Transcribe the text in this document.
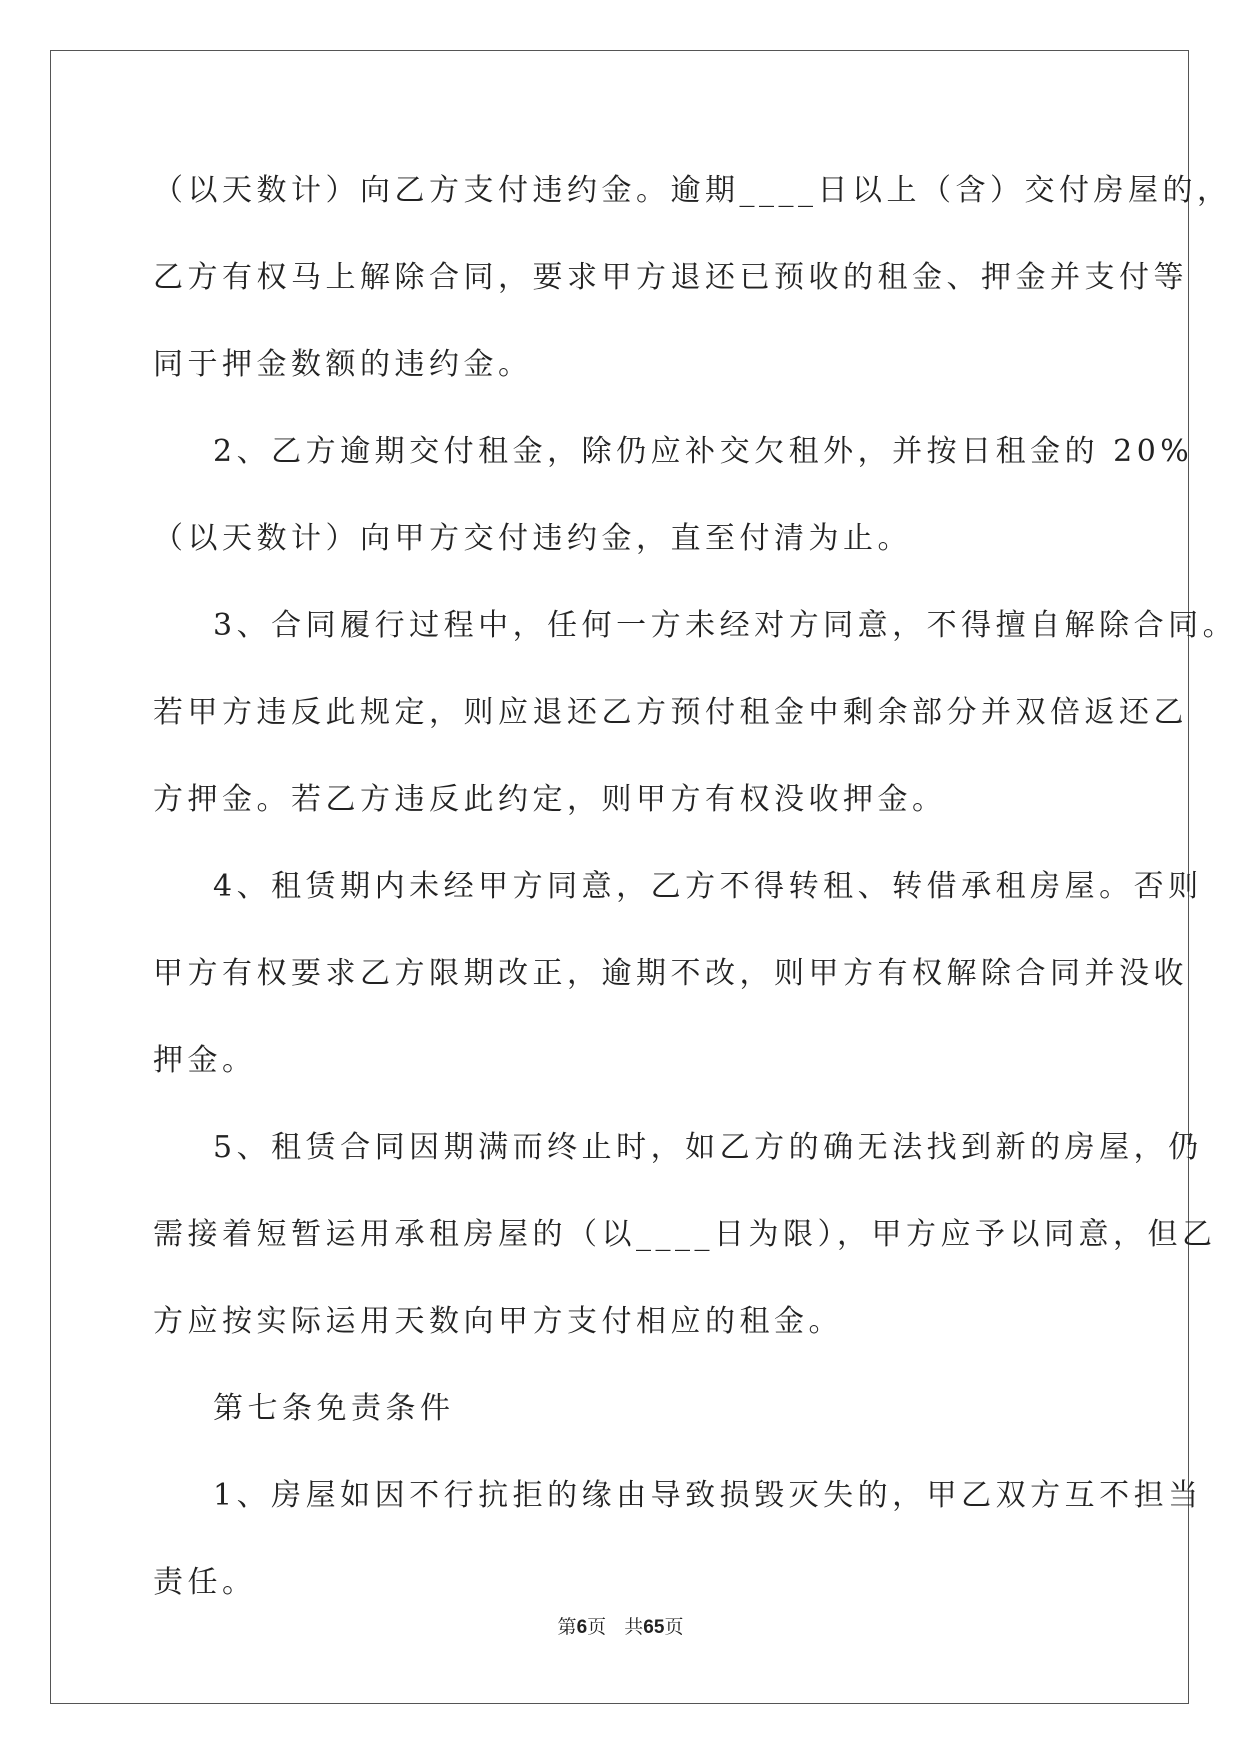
（以天数计）向乙方支付违约金。逾期____日以上（含）交付房屋的，
乙方有权马上解除合同，要求甲方退还已预收的租金、押金并支付等
同于押金数额的违约金。
2、乙方逾期交付租金，除仍应补交欠租外，并按日租金的 20%
（以天数计）向甲方交付违约金，直至付清为止。
3、合同履行过程中，任何一方未经对方同意，不得擅自解除合同。
若甲方违反此规定，则应退还乙方预付租金中剩余部分并双倍返还乙
方押金。若乙方违反此约定，则甲方有权没收押金。
4、租赁期内未经甲方同意，乙方不得转租、转借承租房屋。否则
甲方有权要求乙方限期改正，逾期不改，则甲方有权解除合同并没收
押金。
5、租赁合同因期满而终止时，如乙方的确无法找到新的房屋，仍
需接着短暂运用承租房屋的（以____日为限），甲方应予以同意，但乙
方应按实际运用天数向甲方支付相应的租金。
第七条免责条件
1、房屋如因不行抗拒的缘由导致损毁灭失的，甲乙双方互不担当
责任。
第6页 共65页
